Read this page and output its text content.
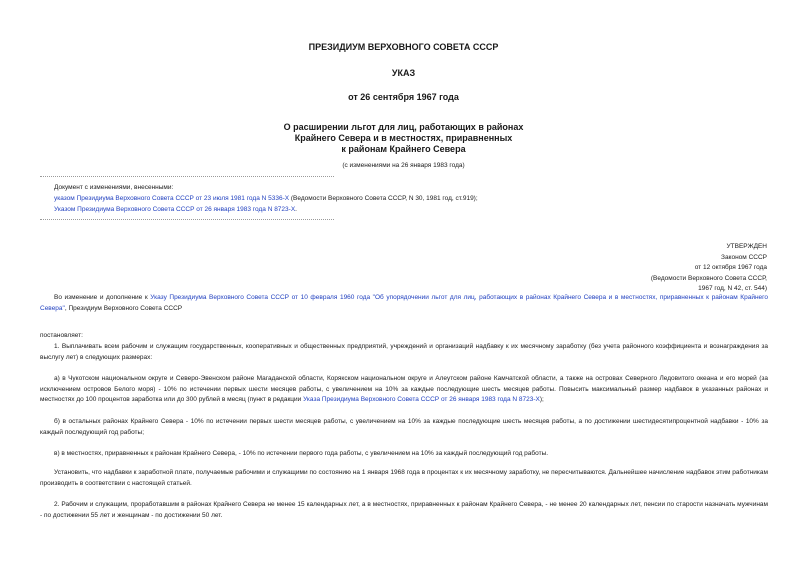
ПРЕЗИДИУМ ВЕРХОВНОГО СОВЕТА СССР
УКАЗ
от 26 сентября 1967 года
О расширении льгот для лиц, работающих в районах
Крайнего Севера и в местностях, приравненных
к районам Крайнего Севера
(с изменениями на 26 января 1983 года)
Документ с изменениями, внесенными:
указом Президиума Верховного Совета СССР от 23 июля 1981 года N 5336-X (Ведомости Верховного Совета СССР, N 30, 1981 год, ст.919);
Указом Президиума Верховного Совета СССР от 26 января 1983 года N 8723-X.
УТВЕРЖДЕН
Законом СССР
от 12 октября 1967 года
(Ведомости Верховного Совета СССР,
1967 год, N 42, ст. 544)
Во изменение и дополнение к Указу Президиума Верховного Совета СССР от 10 февраля 1960 года "Об упорядочении льгот для лиц, работающих в районах Крайнего Севера и в местностях, приравненных к районам Крайнего Севера", Президиум Верховного Совета СССР
постановляет:
1. Выплачивать всем рабочим и служащим государственных, кооперативных и общественных предприятий, учреждений и организаций надбавку к их месячному заработку (без учета районного коэффициента и вознаграждения за выслугу лет) в следующих размерах:
а) в Чукотском национальном округе и Северо-Эвенском районе Магаданской области, Корякском национальном округе и Алеутском районе Камчатской области, а также на островах Северного Ледовитого океана и его морей (за исключением островов Белого моря) - 10% по истечении первых шести месяцев работы, с увеличением на 10% за каждые последующие шесть месяцев работы. Повысить максимальный размер надбавок в указанных районах и местностях до 100 процентов заработка или до 300 рублей в месяц (пункт в редакции Указа Президиума Верховного Совета СССР от 26 января 1983 года N 8723-X);
б) в остальных районах Крайнего Севера - 10% по истечении первых шести месяцев работы, с увеличением на 10% за каждые последующие шесть месяцев работы, а по достижении шестидесятипроцентной надбавки - 10% за каждый последующий год работы;
в) в местностях, приравненных к районам Крайнего Севера, - 10% по истечении первого года работы, с увеличением на 10% за каждый последующий год работы.
Установить, что надбавки к заработной плате, получаемые рабочими и служащими по состоянию на 1 января 1968 года в процентах к их месячному заработку, не пересчитываются. Дальнейшее начисление надбавок этим работникам производить в соответствии с настоящей статьей.
2. Рабочим и служащим, проработавшим в районах Крайнего Севера не менее 15 календарных лет, а в местностях, приравненных к районам Крайнего Севера, - не менее 20 календарных лет, пенсии по старости назначать мужчинам - по достижении 55 лет и женщинам - по достижении 50 лет.
